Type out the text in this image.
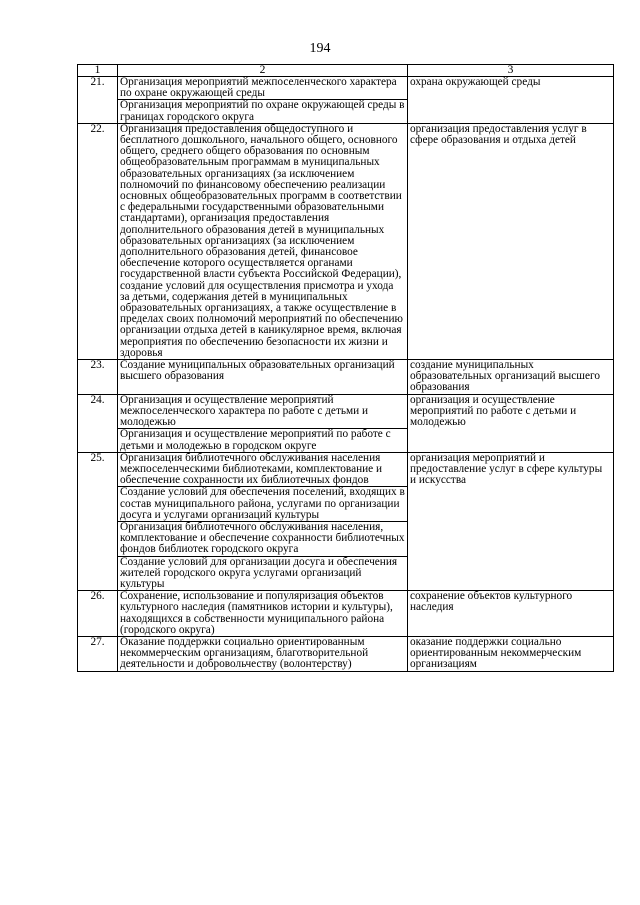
194
1	2	3
21.	Организация мероприятий межпоселенческого характера по охране окружающей среды
Организация мероприятий по охране окружающей среды в границах городского округа	охрана окружающей среды
22.	Организация предоставления общедоступного и бесплатного дошкольного, начального общего, основного общего, среднего общего образования по основным общеобразовательным программам в муниципальных образовательных организациях (за исключением полномочий по финансовому обеспечению реализации основных общеобразовательных программ в соответствии с федеральными государственными образовательными стандартами), организация предоставления дополнительного образования детей в муниципальных образовательных организациях (за исключением дополнительного образования детей, финансовое обеспечение которого осуществляется органами государственной власти субъекта Российской Федерации), создание условий для осуществления присмотра и ухода за детьми, содержания детей в муниципальных образовательных организациях, а также осуществление в пределах своих полномочий мероприятий по обеспечению организации отдыха детей в каникулярное время, включая мероприятия по обеспечению безопасности их жизни и здоровья	организация предоставления услуг в сфере образования и отдыха детей
23.	Создание муниципальных образовательных организаций высшего образования	создание муниципальных образовательных организаций высшего образования
24.	Организация и осуществление мероприятий межпоселенческого характера по работе с детьми и молодежью
Организация и осуществление мероприятий по работе с детьми и молодежью в городском округе	организация и осуществление мероприятий по работе с детьми и молодежью
25.	Организация библиотечного обслуживания населения межпоселенческими библиотеками, комплектование и обеспечение сохранности их библиотечных фондов
Создание условий для обеспечения поселений, входящих в состав муниципального района, услугами по организации досуга и услугами организаций культуры
Организация библиотечного обслуживания населения, комплектование и обеспечение сохранности библиотечных фондов библиотек городского округа
Создание условий для организации досуга и обеспечения жителей городского округа услугами организаций культуры	организация мероприятий и предоставление услуг в сфере культуры и искусства
26.	Сохранение, использование и популяризация объектов культурного наследия (памятников истории и культуры), находящихся в собственности муниципального района (городского округа)	сохранение объектов культурного наследия
27.	Оказание поддержки социально ориентированным некоммерческим организациям, благотворительной деятельности и добровольчеству (волонтерству)	оказание поддержки социально ориентированным некоммерческим организациям
